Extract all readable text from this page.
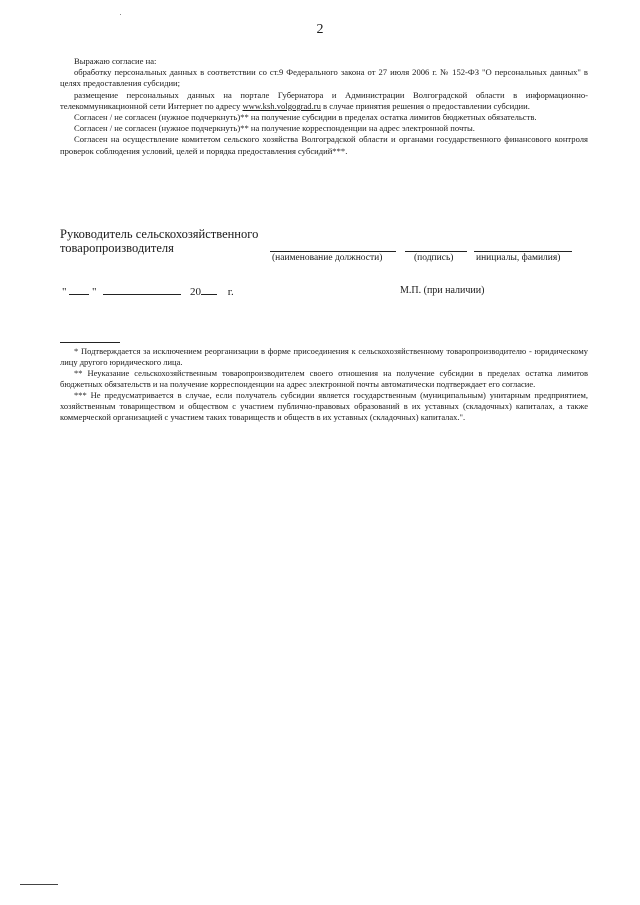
2

Выражаю согласие на:

обработку персональных данных в соответствии со ст.9 Федерального закона от 27 июля 2006 г. № 152-ФЗ "О персональных данных" в целях предоставления субсидии;

размещение персональных данных на портале Губернатора и Администрации Волгоградской области в информационно-телекоммуникационной сети Интернет по адресу www.ksh.volgograd.ru в случае принятия решения о предоставлении субсидии.

Согласен / не согласен (нужное подчеркнуть)** на получение субсидии в пределах остатка лимитов бюджетных обязательств.

Согласен / не согласен (нужное подчеркнуть)** на получение корреспонденции на адрес электронной почты.

Согласен на осуществление комитетом сельского хозяйства Волгоградской области и органами государственного финансового контроля проверок соблюдения условий, целей и порядка предоставления субсидий***.

Руководитель сельскохозяйственного
товаропроизводителя
(наименование должности)	(подпись) инициалы, фамилия)
" "	20 г.	М.П. (при наличии)

* Подтверждается за исключением реорганизации в форме присоединения к сельскохозяйственному товаропроизводителю - юридическому лицу другого юридического лица.

** Неуказание сельскохозяйственным товаропроизводителем своего отношения на получение субсидии в пределах остатка лимитов бюджетных обязательств и на получение корреспонденции на адрес электронной почты автоматически подтверждает его согласие.

*** Не предусматривается в случае, если получатель субсидии является государственным (муниципальным) унитарным предприятием, хозяйственным товариществом и обществом с участием публично-правовых образований в их уставных (складочных) капиталах, а также коммерческой организацией с участием таких товариществ и обществ в их уставных (складочных) капиталах.".
